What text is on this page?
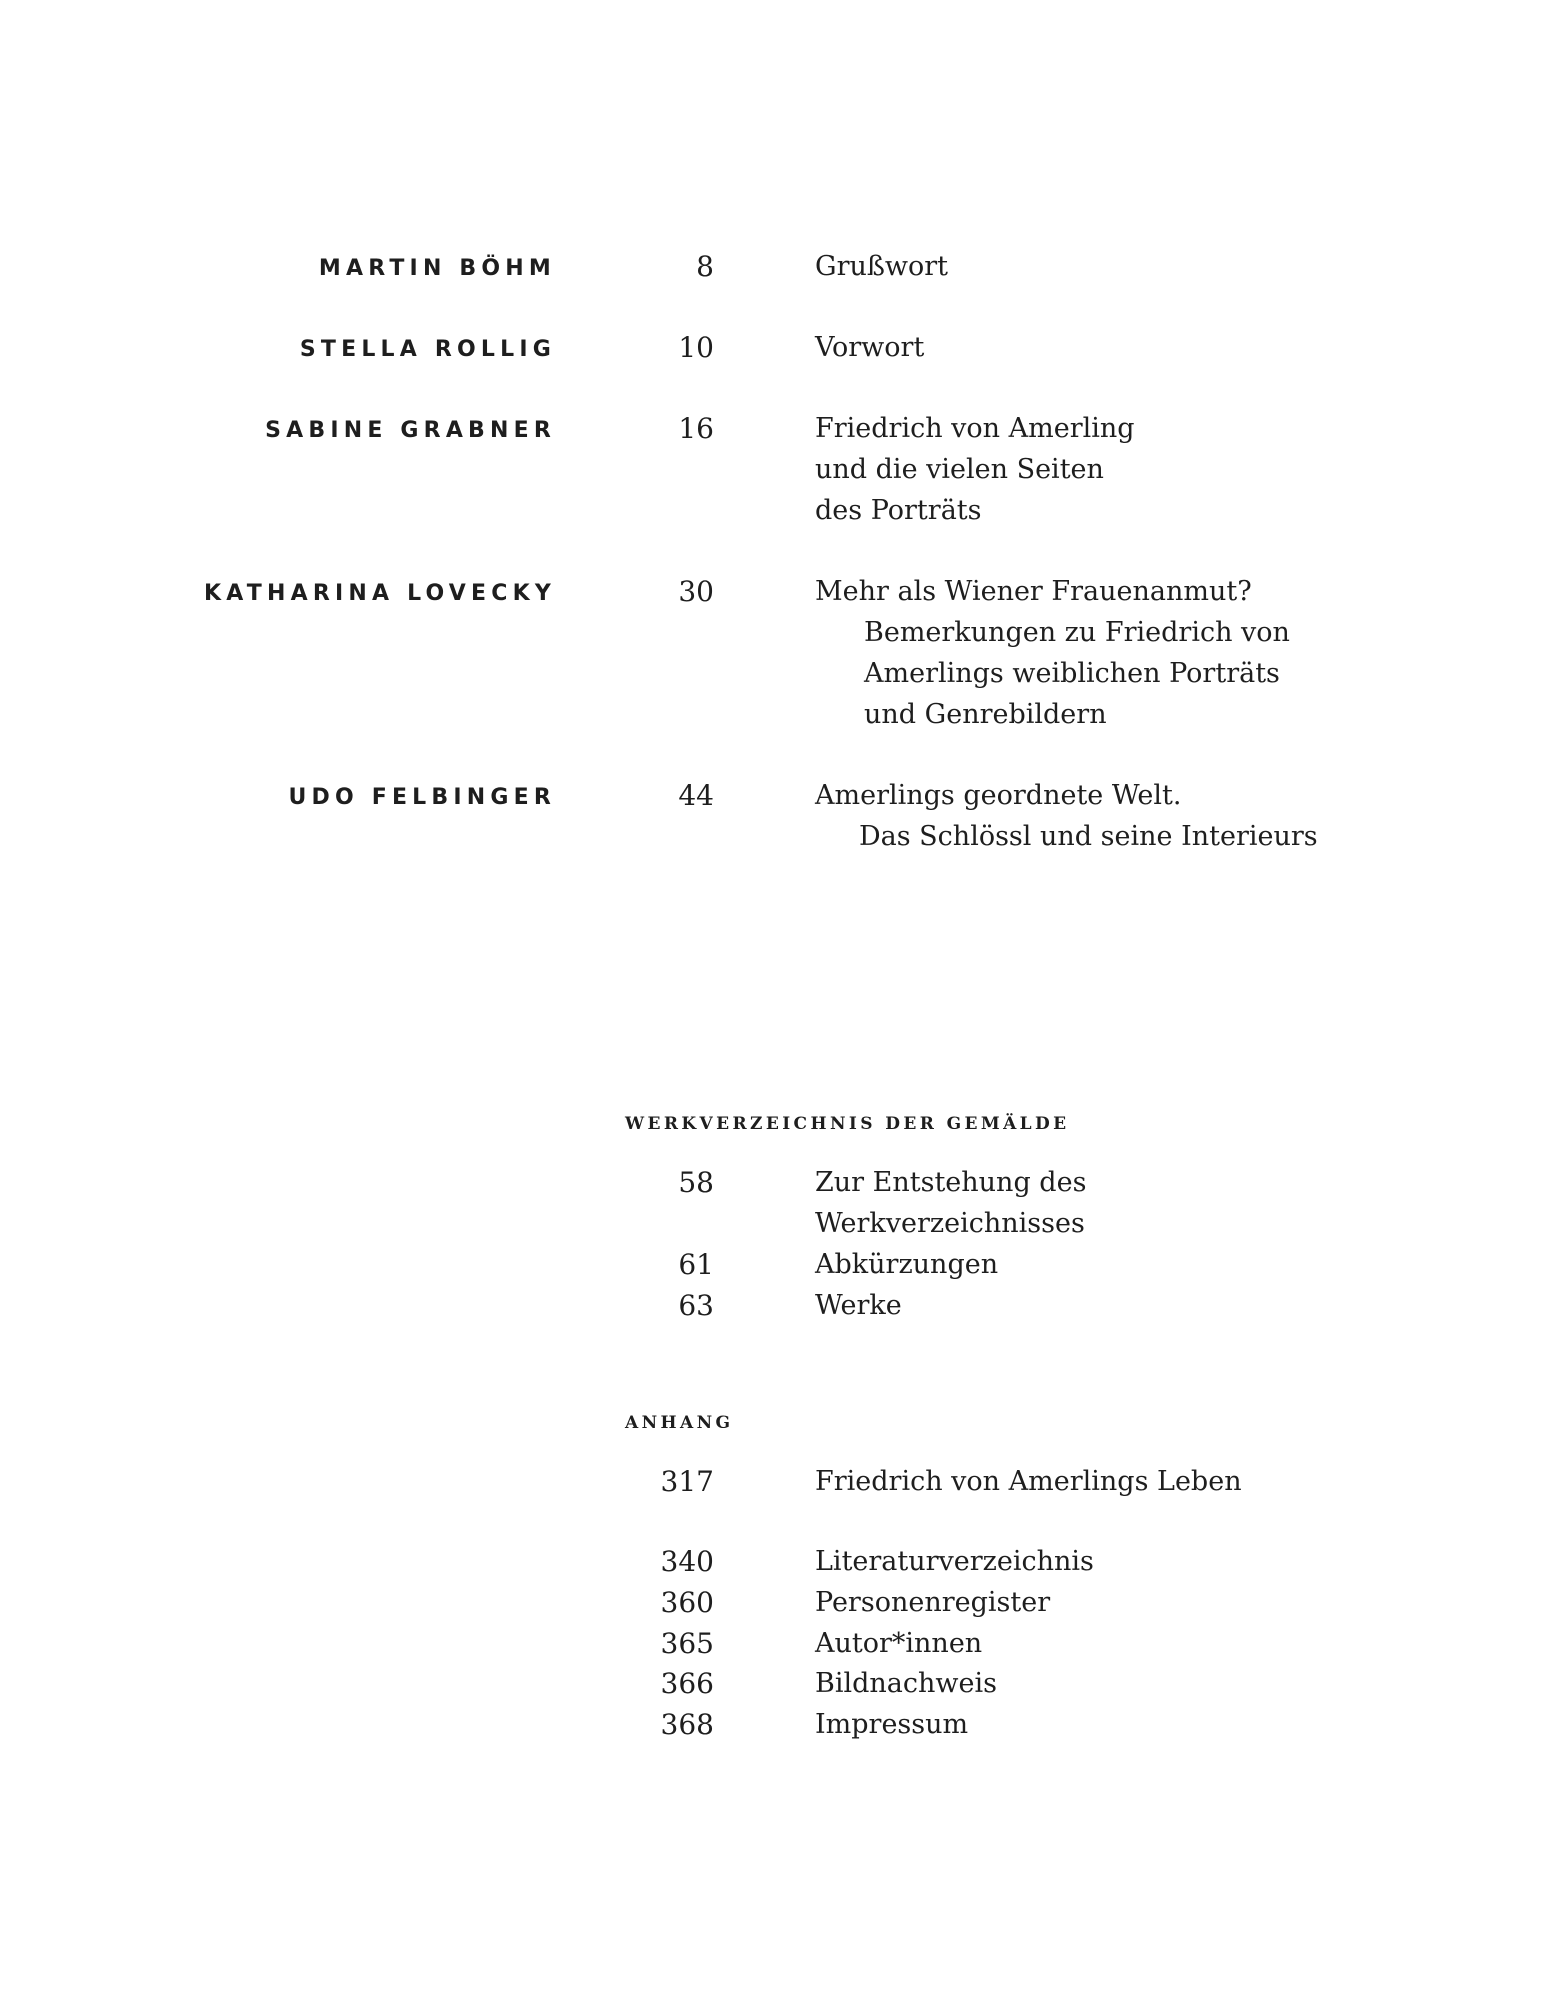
MARTIN BÖHM	8	Grußwort
STELLA ROLLIG	10	Vorwort
SABINE GRABNER	16	Friedrich von Amerling
und die vielen Seiten
des Porträts
KATHARINA LOVECKY	30	Mehr als Wiener Frauenanmut?
Bemerkungen zu Friedrich von
Amerlings weiblichen Porträts
und Genrebildern
UDO FELBINGER	44	Amerlings geordnete Welt.
Das Schlössl und seine Interieurs
WERKVERZEICHNIS DER GEMÄLDE
58	Zur Entstehung des
Werkverzeichnisses
61	Abkürzungen
63	Werke
ANHANG
317	Friedrich von Amerlings Leben
340	Literaturverzeichnis
360	Personenregister
365	Autor*innen
366	Bildnachweis
368	Impressum
